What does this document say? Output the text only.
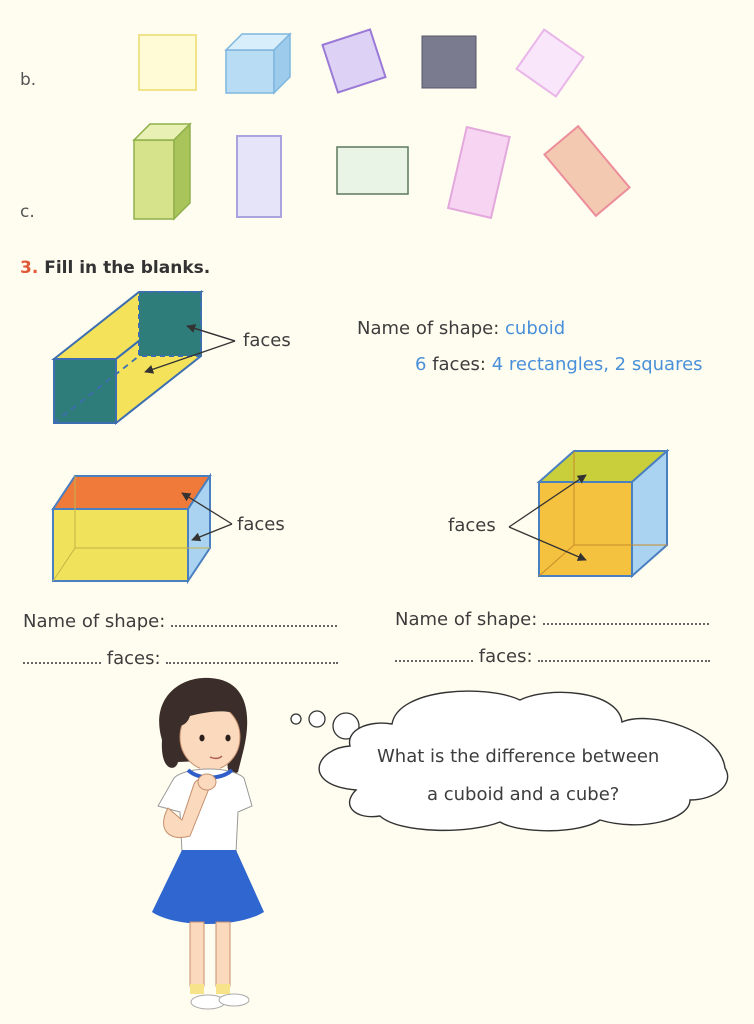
b.
c.
3. Fill in the blanks.
faces
faces	faces
Name of shape: cuboid
6 faces: 4 rectangles, 2 squares
Name of shape:
faces:
Name of shape:
faces:
What is the difference between
a cuboid and a cube?
